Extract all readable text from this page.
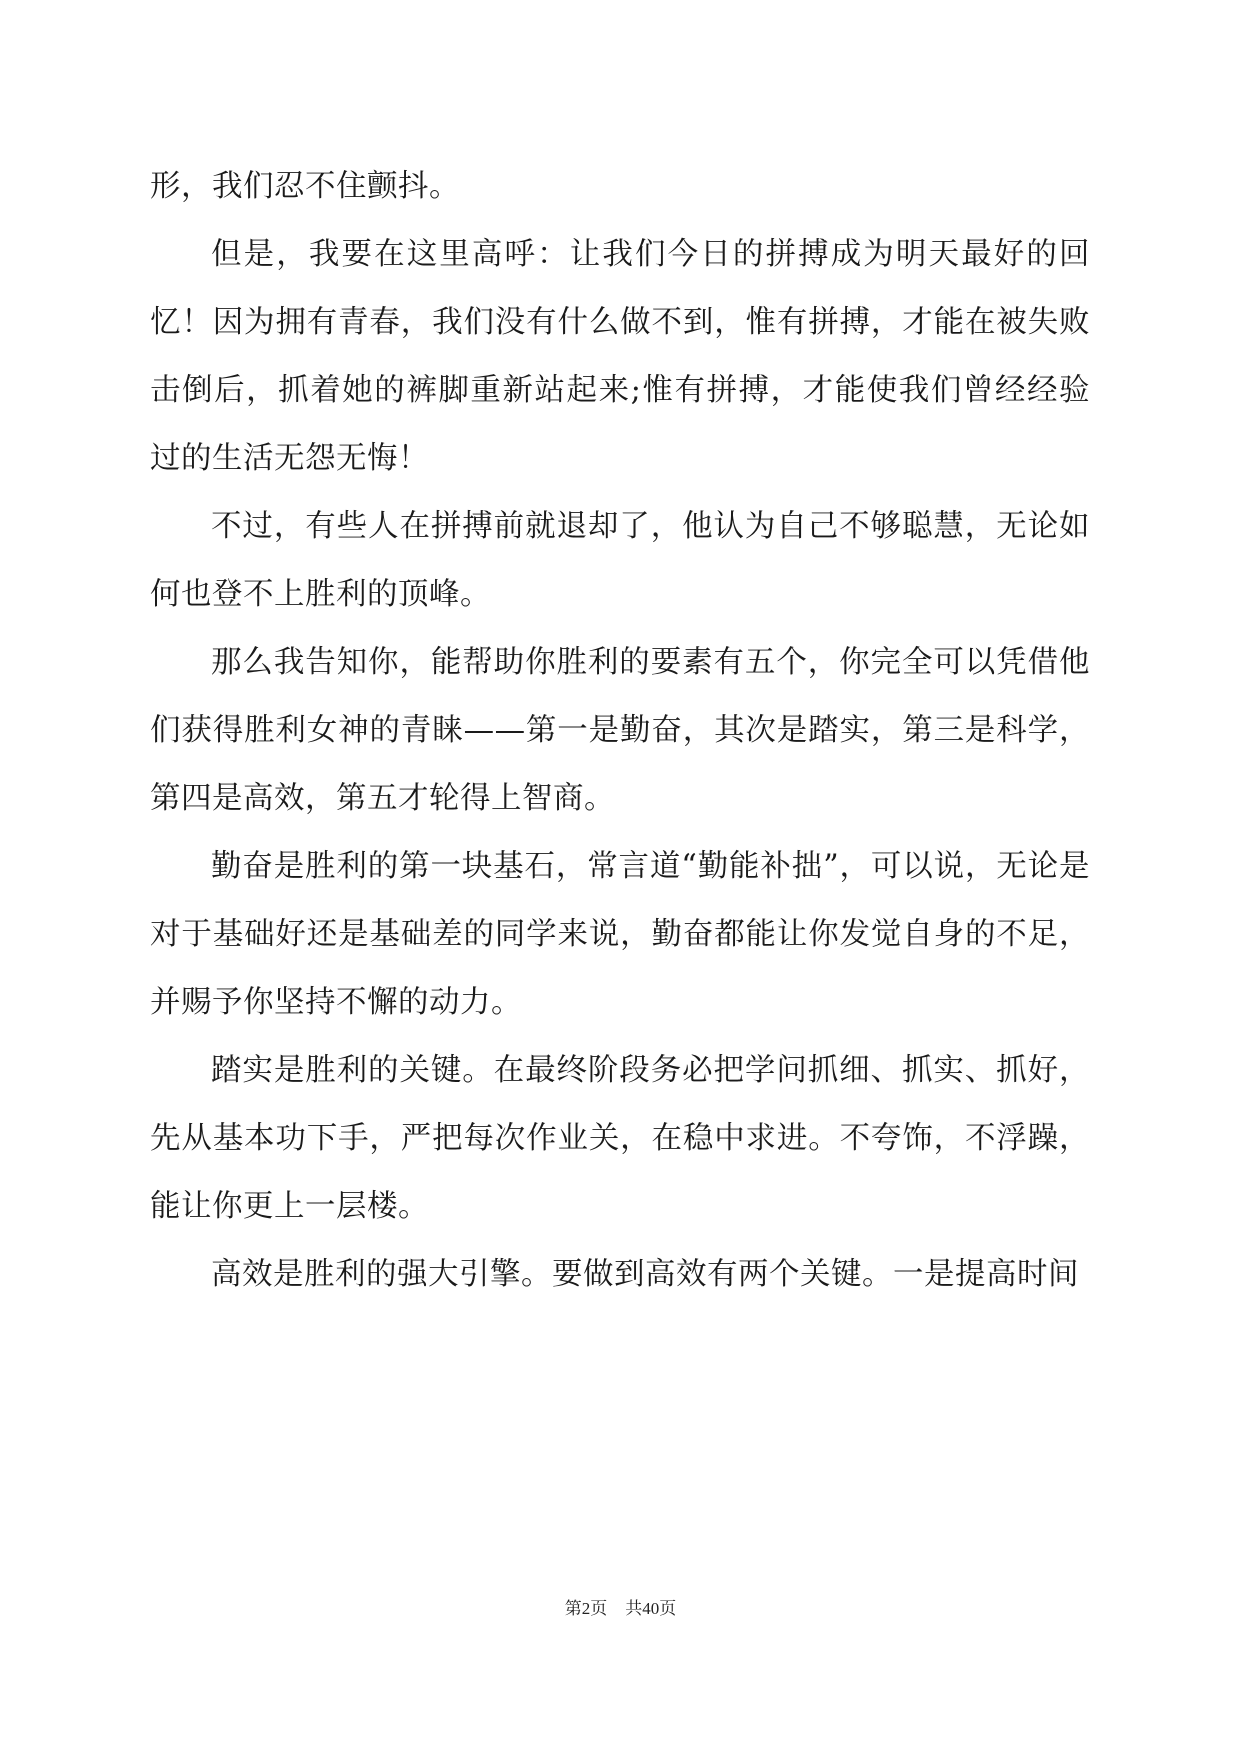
形，我们忍不住颤抖。

但是，我要在这里高呼：让我们今日的拼搏成为明天最好的回忆！因为拥有青春，我们没有什么做不到，惟有拼搏，才能在被失败击倒后，抓着她的裤脚重新站起来;惟有拼搏，才能使我们曾经经验过的生活无怨无悔！

不过，有些人在拼搏前就退却了，他认为自己不够聪慧，无论如何也登不上胜利的顶峰。

那么我告知你，能帮助你胜利的要素有五个，你完全可以凭借他们获得胜利女神的青睐——第一是勤奋，其次是踏实，第三是科学，第四是高效，第五才轮得上智商。

勤奋是胜利的第一块基石，常言道“勤能补拙”，可以说，无论是对于基础好还是基础差的同学来说，勤奋都能让你发觉自身的不足，并赐予你坚持不懈的动力。

踏实是胜利的关键。在最终阶段务必把学问抓细、抓实、抓好，先从基本功下手，严把每次作业关，在稳中求进。不夸饰，不浮躁，能让你更上一层楼。

高效是胜利的强大引擎。要做到高效有两个关键。一是提高时间

第2页 共40页
